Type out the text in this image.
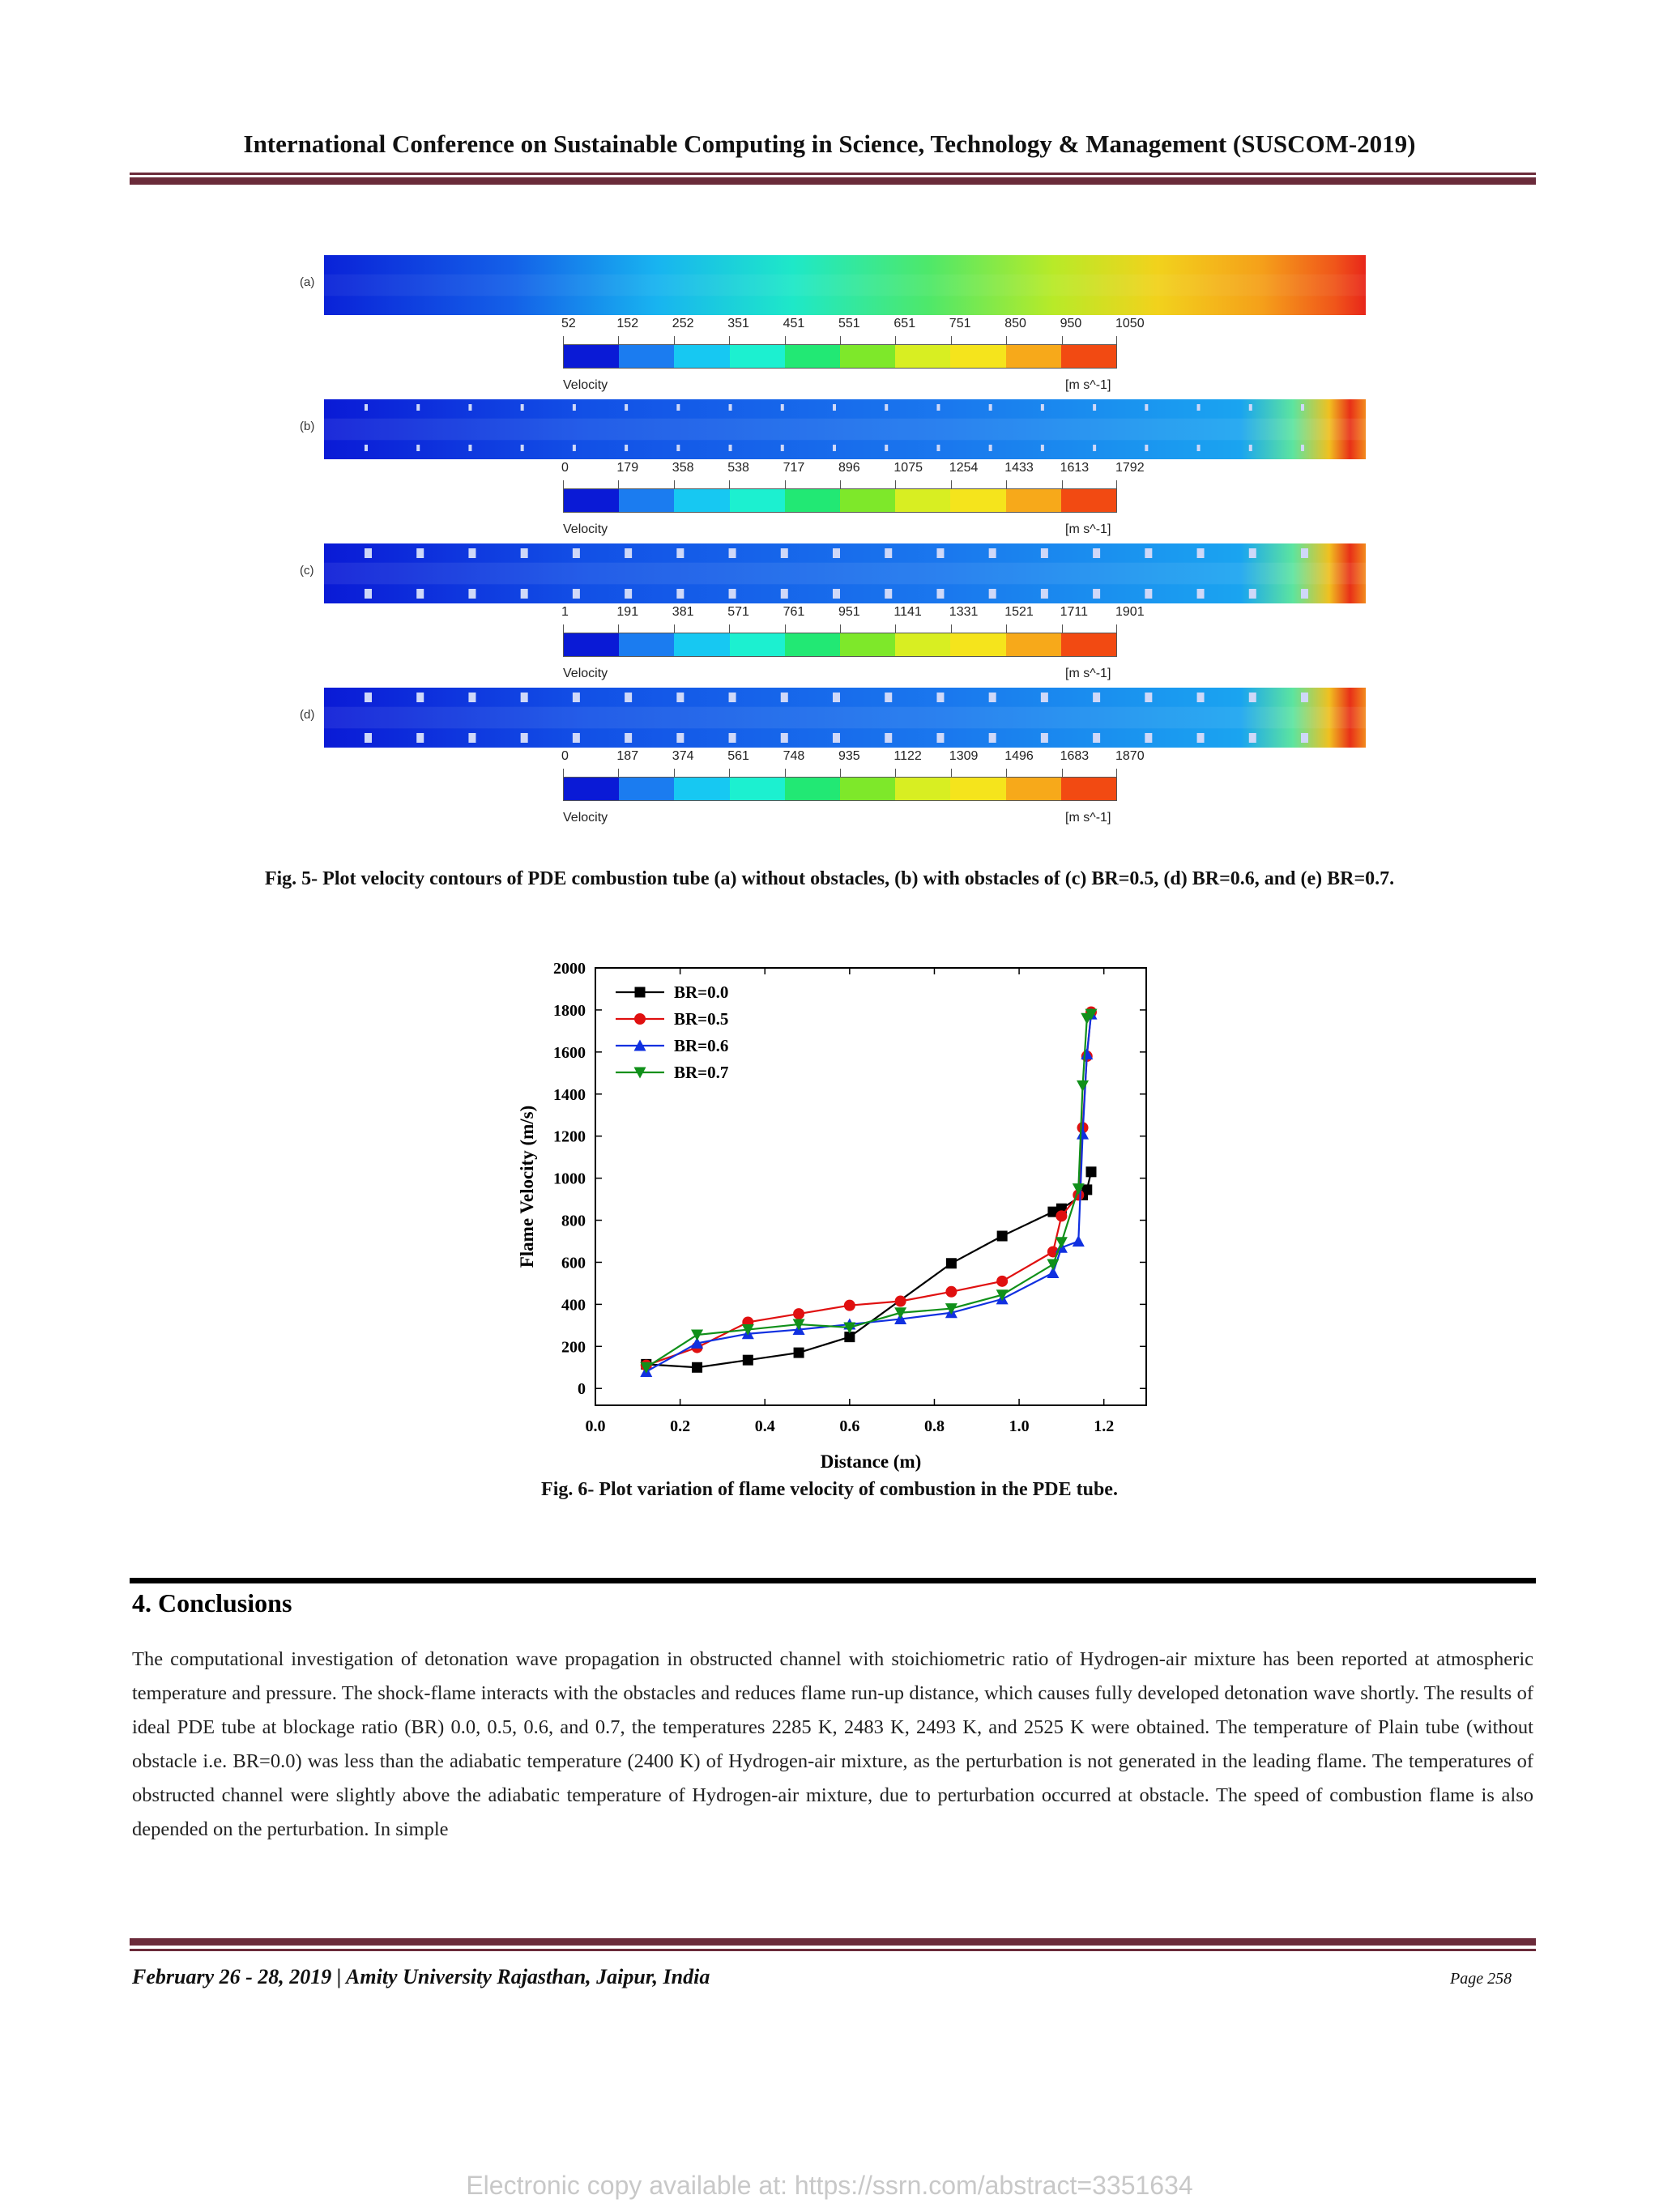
International Conference on Sustainable Computing in Science, Technology & Management (SUSCOM-2019)
(a)
52	152	252	351	451	551	651	751	850	950	1050
Velocity	[m s^-1]
(b)
0	179	358	538	717	896	1075 1254 1433 1613 1792
Velocity	[m s^-1]
(c)
1	191	381	571	761	951	1141 1331 1521 1711 1901
Velocity	[m s^-1]
(d)
0	187	374	561	748	935	1122 1309 1496 1683 1870
Velocity	[m s^-1]
Fig. 5- Plot velocity contours of PDE combustion tube (a) without obstacles, (b) with obstacles of (c) BR=0.5, (d) BR=0.6, and (e) BR=0.7.
0.0	0.2	0.4	0.6	0.8	1.0	1.2
0
200
400
600
800
1000
1200
1400
1600
1800
2000
Distance (m)
Flame Velocity (m/s)
BR=0.0
BR=0.5
BR=0.6
BR=0.7
Fig. 6- Plot variation of flame velocity of combustion in the PDE tube.
4. Conclusions
The computational investigation of detonation wave propagation in obstructed channel with stoichiometric ratio of Hydrogen-air mixture has been reported at atmospheric temperature and pressure. The shock-flame interacts with the obstacles and reduces flame run-up distance, which causes fully developed detonation wave shortly. The results of ideal PDE tube at blockage ratio (BR) 0.0, 0.5, 0.6, and 0.7, the temperatures 2285 K, 2483 K, 2493 K, and 2525 K were obtained. The temperature of Plain tube (without obstacle i.e. BR=0.0) was less than the adiabatic temperature (2400 K) of Hydrogen-air mixture, as the perturbation is not generated in the leading flame. The temperatures of obstructed channel were slightly above the adiabatic temperature of Hydrogen-air mixture, due to perturbation occurred at obstacle. The speed of combustion flame is also depended on the perturbation. In simple
February 26 - 28, 2019 | Amity University Rajasthan, Jaipur, India	Page 258
Electronic copy available at: https://ssrn.com/abstract=3351634
